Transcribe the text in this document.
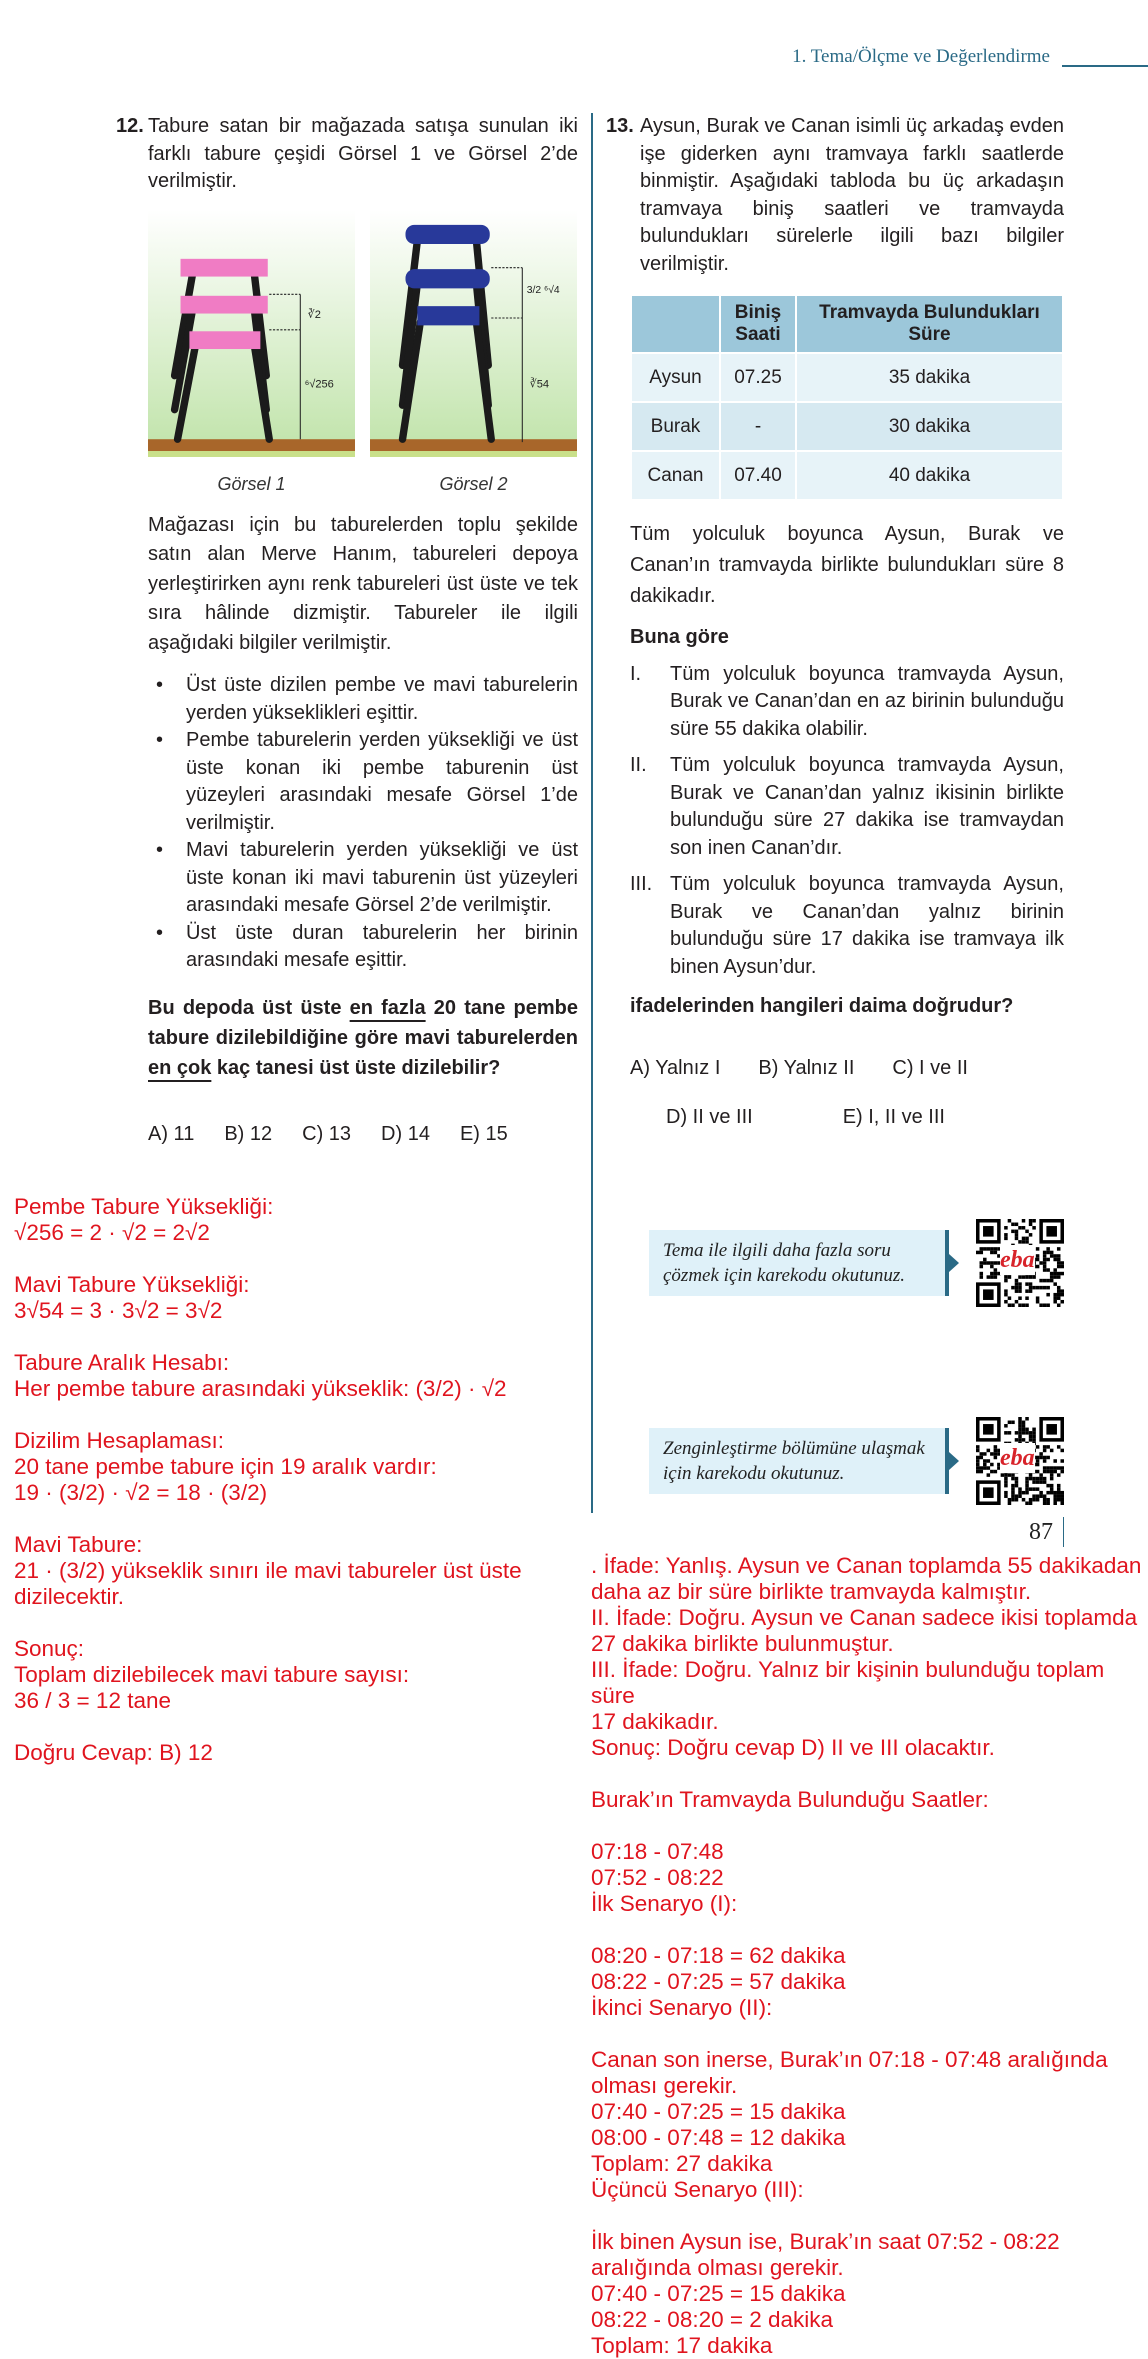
1. Tema/Ölçme ve Değerlendirme
12. Tabure satan bir mağazada satışa sunulan iki farklı tabure çeşidi Görsel 1 ve Görsel 2’de verilmiştir.
∛2
⁶√256
Görsel 1
3/2 ⁶√4
∛54
Görsel 2
Mağazası için bu taburelerden toplu şekilde satın alan Merve Hanım, tabureleri depoya yerleştirirken aynı renk tabureleri üst üste ve tek sıra hâlinde dizmiştir. Tabureler ile ilgili aşağıdaki bilgiler verilmiştir.
• Üst üste dizilen pembe ve mavi taburelerin yerden yükseklikleri eşittir.
• Pembe taburelerin yerden yüksekliği ve üst üste konan iki pembe taburenin üst yüzeyleri arasındaki mesafe Görsel 1’de verilmiştir.
• Mavi taburelerin yerden yüksekliği ve üst üste konan iki mavi taburenin üst yüzeyleri arasındaki mesafe Görsel 2’de verilmiştir.
• Üst üste duran taburelerin her birinin arasındaki mesafe eşittir.
Bu depoda üst üste en fazla 20 tane pembe tabure dizilebildiğine göre mavi taburelerden en çok kaç tanesi üst üste dizilebilir?
A) 11 B) 12 C) 13 D) 14 E) 15
Pembe Tabure Yüksekliği:
√256 = 2 · √2 = 2√2
Mavi Tabure Yüksekliği:
3√54 = 3 · 3√2 = 3√2
Tabure Aralık Hesabı:
Her pembe tabure arasındaki yükseklik: (3/2) · √2
Dizilim Hesaplaması:
20 tane pembe tabure için 19 aralık vardır:
19 · (3/2) · √2 = 18 · (3/2)
Mavi Tabure:
21 · (3/2) yükseklik sınırı ile mavi tabureler üst üste
dizilecektir.
Sonuç:
Toplam dizilebilecek mavi tabure sayısı:
36 / 3 = 12 tane
Doğru Cevap: B) 12
13. Aysun, Burak ve Canan isimli üç arkadaş evden işe giderken aynı tramvaya farklı saatlerde binmiştir. Aşağıdaki tabloda bu üç arkadaşın tramvaya biniş saatleri ve tramvayda bulundukları sürelerle ilgili bazı bilgiler verilmiştir.
	Biniş Saati	Tramvayda Bulundukları Süre
Aysun	07.25	35 dakika
Burak	-	30 dakika
Canan	07.40	40 dakika
Tüm yolculuk boyunca Aysun, Burak ve Canan’ın tramvayda birlikte bulundukları süre 8 dakikadır.
Buna göre
I. Tüm yolculuk boyunca tramvayda Aysun, Burak ve Canan’dan en az birinin bulunduğu süre 55 dakika olabilir.
II. Tüm yolculuk boyunca tramvayda Aysun, Burak ve Canan’dan yalnız ikisinin birlikte bulunduğu süre 27 dakika ise tramvaydan son inen Canan’dır.
III. Tüm yolculuk boyunca tramvayda Aysun, Burak ve Canan’dan yalnız birinin bulunduğu süre 17 dakika ise tramvaya ilk binen Aysun’dur.
ifadelerinden hangileri daima doğrudur?
A) Yalnız I B) Yalnız II C) I ve II
D) II ve III	E) I, II ve III
Tema ile ilgili daha fazla soru çözmek için karekodu okutunuz.
eba
Zenginleştirme bölümüne ulaşmak için karekodu okutunuz.
eba
87
. İfade: Yanlış. Aysun ve Canan toplamda 55 dakikadan
daha az bir süre birlikte tramvayda kalmıştır.
II. İfade: Doğru. Aysun ve Canan sadece ikisi toplamda
27 dakika birlikte bulunmuştur.
III. İfade: Doğru. Yalnız bir kişinin bulunduğu toplam süre
17 dakikadır.
Sonuç: Doğru cevap D) II ve III olacaktır.
Burak’ın Tramvayda Bulunduğu Saatler:
07:18 - 07:48
07:52 - 08:22
İlk Senaryo (I):
08:20 - 07:18 = 62 dakika
08:22 - 07:25 = 57 dakika
İkinci Senaryo (II):
Canan son inerse, Burak’ın 07:18 - 07:48 aralığında
olması gerekir.
07:40 - 07:25 = 15 dakika
08:00 - 07:48 = 12 dakika
Toplam: 27 dakika
Üçüncü Senaryo (III):
İlk binen Aysun ise, Burak’ın saat 07:52 - 08:22
aralığında olması gerekir.
07:40 - 07:25 = 15 dakika
08:22 - 08:20 = 2 dakika
Toplam: 17 dakika
